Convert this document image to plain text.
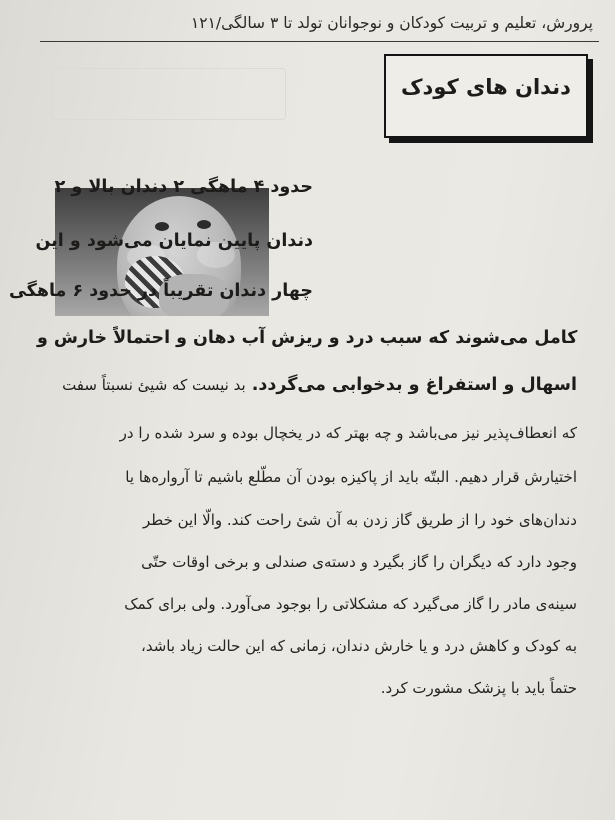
پرورش، تعلیم و تربیت کودکان و نوجوانان تولد تا ۳ سالگی/۱۲۱
دندان های کودک

حدود ۴ ماهگی ۲ دندان بالا و ۲

دندان پایین نمایان می‌شود و این

چهار دندان تقریباً در حدود ۶ ماهگی

کامل می‌شوند که سبب درد و ریزش آب دهان و احتمالاً خارش و

اسهال و استفراغ و بدخوابی می‌گردد. بد نیست که شیئ نسبتاً سفت

که انعطاف‌پذیر نیز می‌باشد و چه بهتر که در یخچال بوده و سرد شده را در

اختیارش قرار دهیم. البتّه باید از پاکیزه بودن آن مطّلع باشیم تا آرواره‌ها یا

دندان‌های خود را از طریق گاز زدن به آن شئ راحت کند. والّا این خطر

وجود دارد که دیگران را گاز بگیرد و دسته‌ی صندلی و برخی اوقات حتّی

سینه‌ی مادر را گاز می‌گیرد که مشکلاتی را بوجود می‌آورد. ولی برای کمک

به کودک و کاهش درد و یا خارش دندان، زمانی که این حالت زیاد باشد،

حتماً باید با پزشک مشورت کرد.
